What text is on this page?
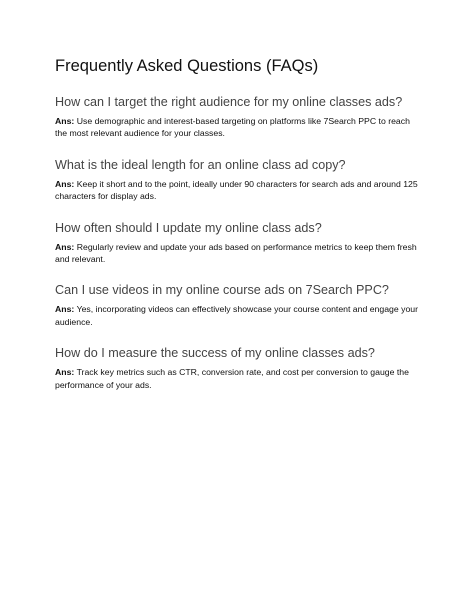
Frequently Asked Questions (FAQs)
How can I target the right audience for my online classes ads?

Ans: Use demographic and interest-based targeting on platforms like 7Search PPC to reach the most relevant audience for your classes.

What is the ideal length for an online class ad copy?

Ans: Keep it short and to the point, ideally under 90 characters for search ads and around 125 characters for display ads.

How often should I update my online class ads?

Ans: Regularly review and update your ads based on performance metrics to keep them fresh and relevant.

Can I use videos in my online course ads on 7Search PPC?

Ans: Yes, incorporating videos can effectively showcase your course content and engage your audience.

How do I measure the success of my online classes ads?

Ans: Track key metrics such as CTR, conversion rate, and cost per conversion to gauge the performance of your ads.
